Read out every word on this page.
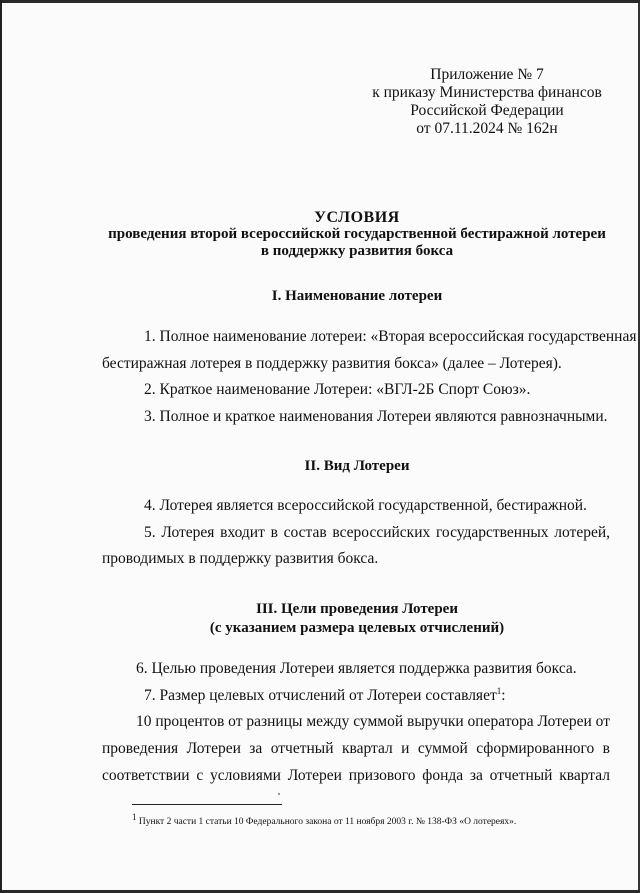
Приложение № 7
к приказу Министерства финансов
Российской Федерации
от 07.11.2024 № 162н
УСЛОВИЯ
проведения второй всероссийской государственной бестиражной лотереи
в поддержку развития бокса
I. Наименование лотереи
1. Полное наименование лотереи: «Вторая всероссийская государственная
бестиражная лотерея в поддержку развития бокса» (далее – Лотерея).
2. Краткое наименование Лотереи: «ВГЛ-2Б Спорт Союз».
3. Полное и краткое наименования Лотереи являются равнозначными.
II. Вид Лотереи
4. Лотерея является всероссийской государственной, бестиражной.
5. Лотерея входит в состав всероссийских государственных лотерей,
проводимых в поддержку развития бокса.
III. Цели проведения Лотереи
(с указанием размера целевых отчислений)
6. Целью проведения Лотереи является поддержка развития бокса.
7. Размер целевых отчислений от Лотереи составляет$^1$:
10 процентов от разницы между суммой выручки оператора Лотереи от
проведения Лотереи за отчетный квартал и суммой сформированного в
соответствии с условиями Лотереи призового фонда за отчетный квартал
$^1$ Пункт 2 части 1 статьи 10 Федерального закона от 11 ноября 2003 г. № 138-ФЗ «О лотереях».
